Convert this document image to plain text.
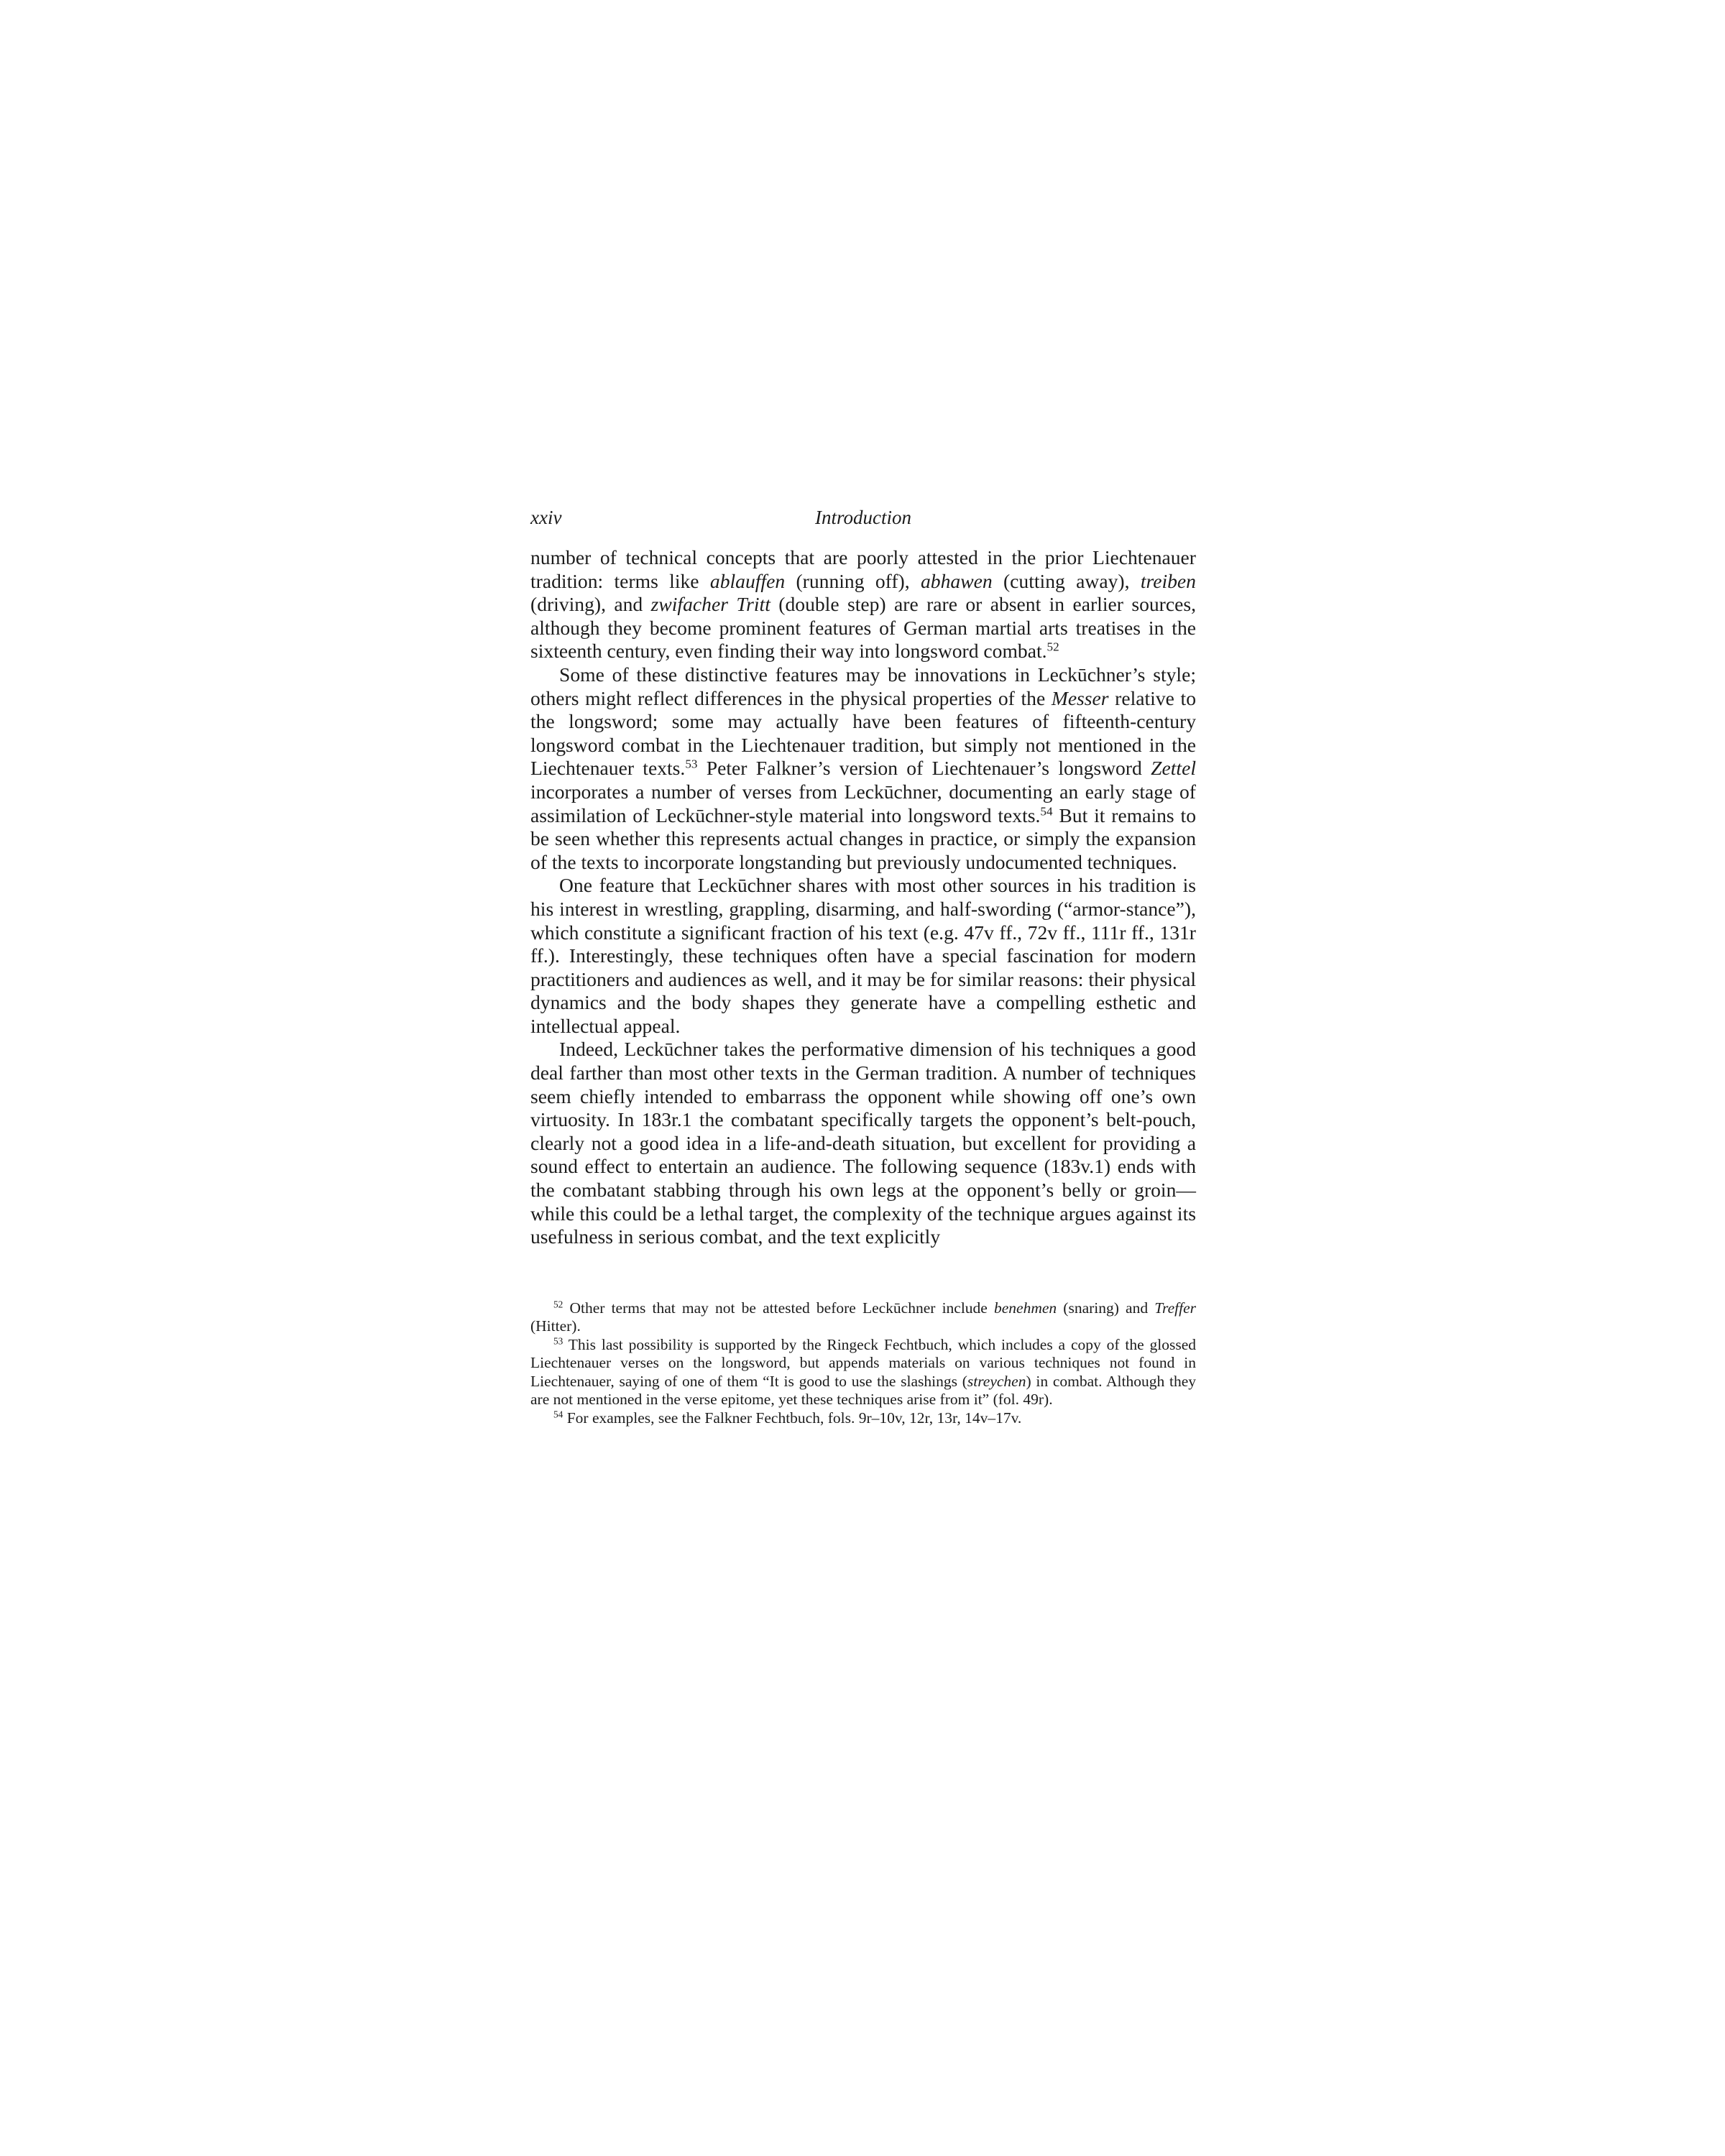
xxiv	Introduction

number of technical concepts that are poorly attested in the prior Liechtenauer tradition: terms like ablauffen (running off), abhawen (cutting away), treiben (driving), and zwifacher Tritt (double step) are rare or absent in earlier sources, although they become prominent features of German martial arts treatises in the sixteenth century, even finding their way into longsword combat.$^{52}$

Some of these distinctive features may be innovations in Leckūchner’s style; others might reflect differences in the physical properties of the Messer relative to the longsword; some may actually have been features of fifteenth-century longsword combat in the Liechtenauer tradition, but simply not mentioned in the Liechtenauer texts.$^{53}$ Peter Falkner’s version of Liechtenauer’s longsword Zettel incorporates a number of verses from Leckūchner, documenting an early stage of assimilation of Leckūchner-style material into longsword texts.$^{54}$ But it remains to be seen whether this represents actual changes in practice, or simply the expansion of the texts to incorporate longstanding but previously undocumented techniques.

One feature that Leckūchner shares with most other sources in his tradition is his interest in wrestling, grappling, disarming, and half-swording (“armor-stance”), which constitute a significant fraction of his text (e.g. 47v ff., 72v ff., 111r ff., 131r ff.). Interestingly, these techniques often have a special fascination for modern practitioners and audiences as well, and it may be for similar reasons: their physical dynamics and the body shapes they generate have a compelling esthetic and intellectual appeal.

Indeed, Leckūchner takes the performative dimension of his techniques a good deal farther than most other texts in the German tradition. A number of techniques seem chiefly intended to embarrass the opponent while showing off one’s own virtuosity. In 183r.1 the combatant specifically targets the opponent’s belt-pouch, clearly not a good idea in a life-and-death situation, but excellent for providing a sound effect to entertain an audience. The following sequence (183v.1) ends with the combatant stabbing through his own legs at the opponent’s belly or groin—while this could be a lethal target, the complexity of the technique argues against its usefulness in serious combat, and the text explicitly

$^{52}$ Other terms that may not be attested before Leckūchner include benehmen (snaring) and Treffer (Hitter).

$^{53}$ This last possibility is supported by the Ringeck Fechtbuch, which includes a copy of the glossed Liechtenauer verses on the longsword, but appends materials on various techniques not found in Liechtenauer, saying of one of them “It is good to use the slashings (streychen) in combat. Although they are not mentioned in the verse epitome, yet these techniques arise from it” (fol. 49r).

$^{54}$ For examples, see the Falkner Fechtbuch, fols. 9r–10v, 12r, 13r, 14v–17v.
